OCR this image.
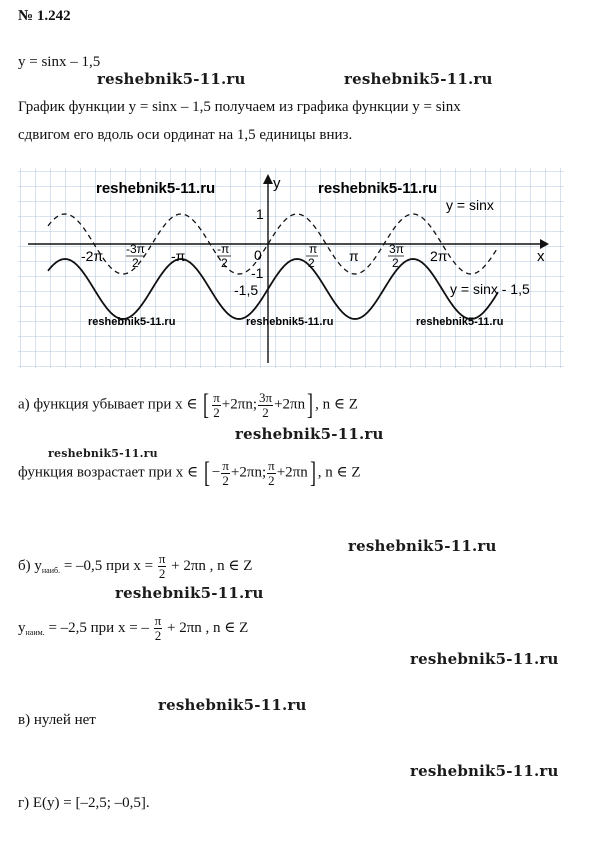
№ 1.242
y = sinx – 1,5
reshebnik5-11.ru	reshebnik5-11.ru
График функции y = sinx – 1,5 получаем из графика функции y = sinx
сдвигом его вдоль оси ординат на 1,5 единицы вниз.
y
x
0
1
-1
-1,5
-2π -3π
2 -π	-π
2
π
2 π	3π
2 2π
y = sinx
y = sinx - 1,5
reshebnik5-11.ru	reshebnik5-11.ru
reshebnik5-11.ru	reshebnik5-11.ru	reshebnik5-11.ru
а) функция убывает при x ∈ [ $\frac{\pi}{2} +2\pi n$; $\frac{3\pi}{2} +2\pi n$] , n ∈ Z
reshebnik5-11.ru
reshebnik5-11.ru
функция возрастает при x ∈ [ − $\frac{\pi}{2} +2\pi n$; $\frac{\pi}{2} +2\pi n$] , n ∈ Z
reshebnik5-11.ru
б) $y_{наиб.} = -0,5$ при $x = \frac{\pi}{2} + 2\pi n$ , n ∈ Z
reshebnik5-11.ru
$y_{наим.} = -2,5$ при x = – $\frac{\pi}{2} + 2\pi n$ , n ∈ Z
reshebnik5-11.ru
reshebnik5-11.ru
в) нулей нет
reshebnik5-11.ru
г) E(y) = [–2,5; –0,5].
